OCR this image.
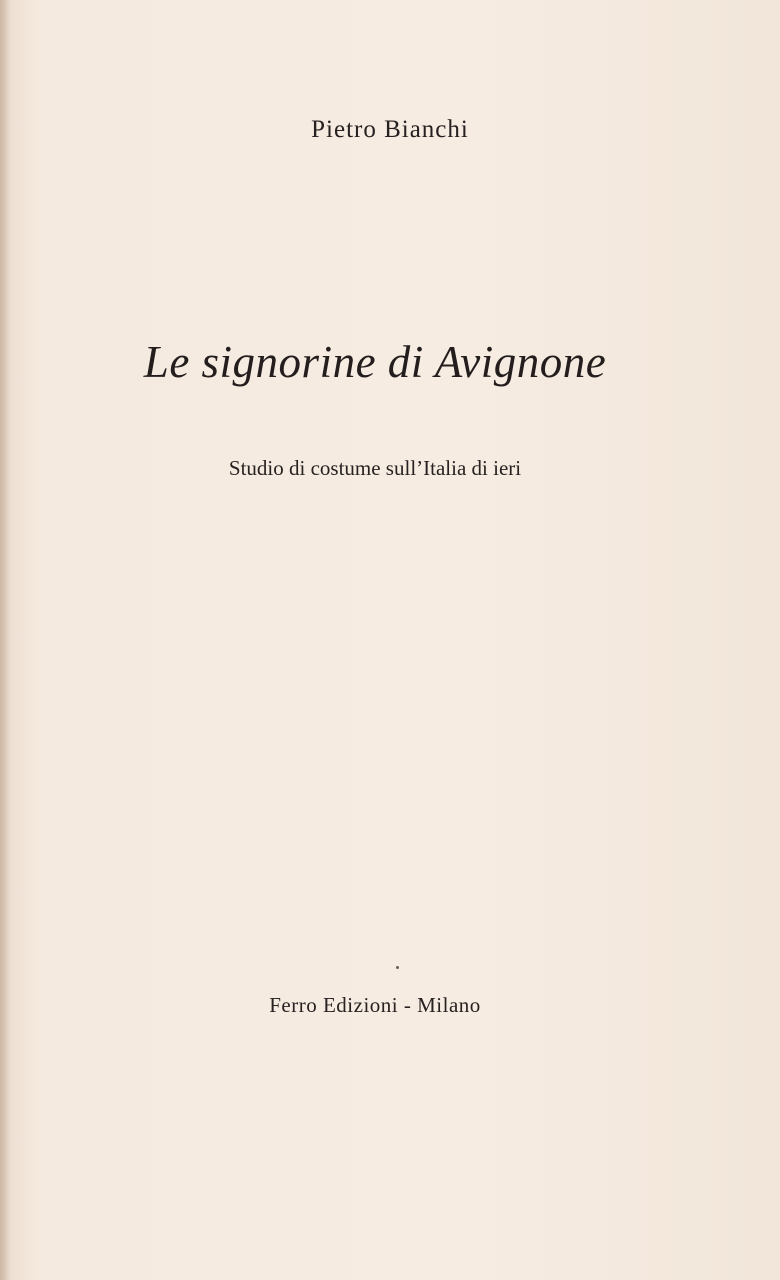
Pietro Bianchi
Le signorine di Avignone
Studio di costume sull’Italia di ieri
Ferro Edizioni - Milano
